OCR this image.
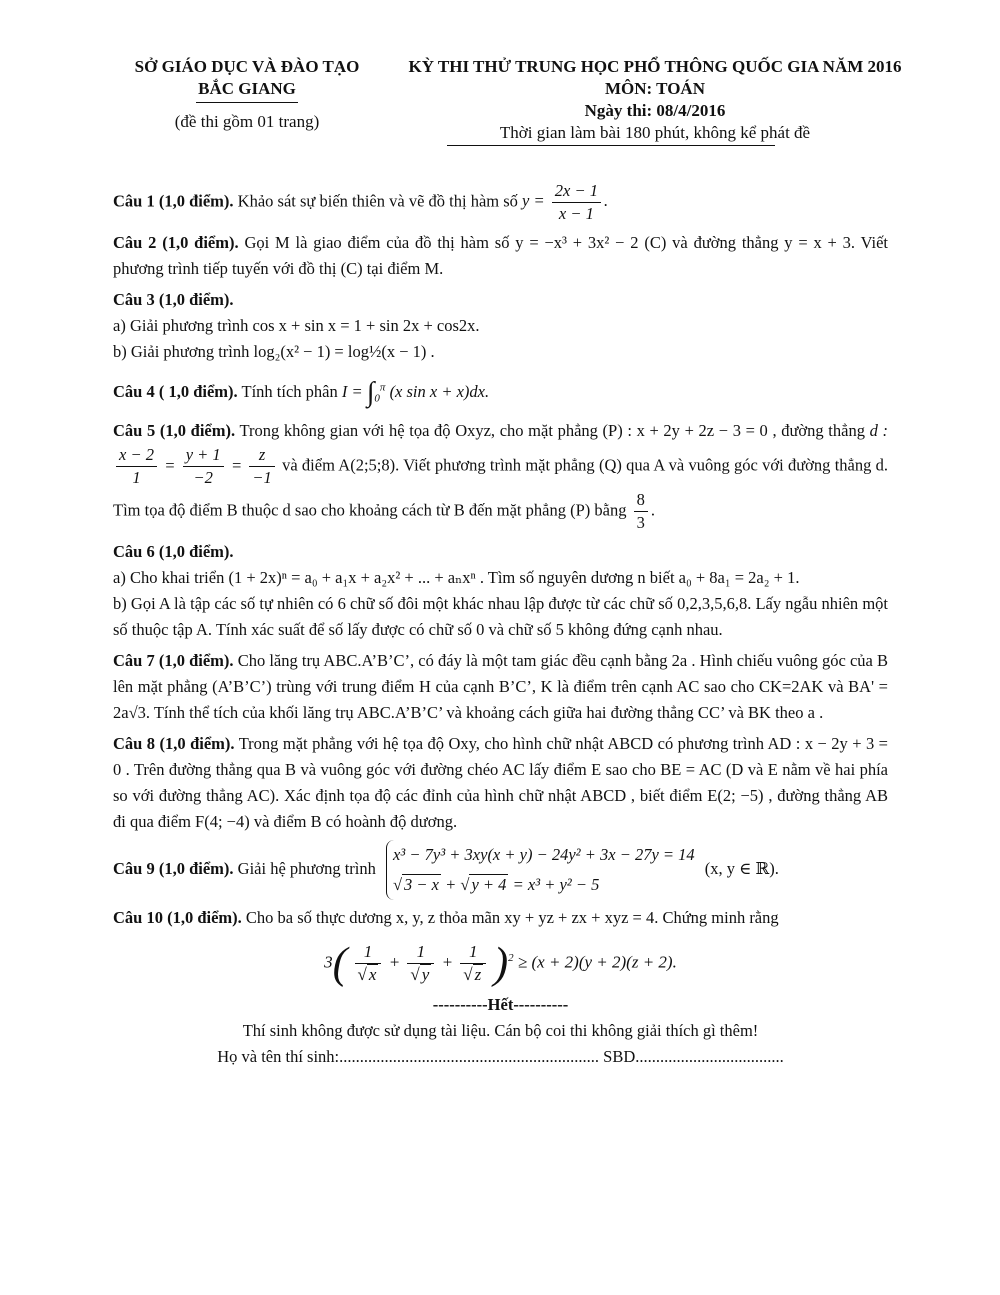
SỞ GIÁO DỤC VÀ ĐÀO TẠO
BẮC GIANG
(đề thi gồm 01 trang)
KỲ THI THỬ TRUNG HỌC PHỔ THÔNG QUỐC GIA NĂM 2016
MÔN: TOÁN
Ngày thi: 08/4/2016
Thời gian làm bài 180 phút, không kể phát đề

Câu 1 (1,0 điểm). Khảo sát sự biến thiên và vẽ đồ thị hàm số $y = \frac{2x - 1}{x - 1}$ .

Câu 2 (1,0 điểm). Gọi M là giao điểm của đồ thị hàm số y = −x³ + 3x² − 2 (C) và đường thẳng y = x + 3. Viết phương trình tiếp tuyến với đồ thị (C) tại điểm M.

Câu 3 (1,0 điểm).
a) Giải phương trình cos x + sin x = 1 + sin 2x + cos2x.
b) Giải phương trình log₂(x² − 1) = log½(x − 1) .

Câu 4 ( 1,0 điểm). Tính tích phân $I = \int_0^\pi$ (x sin x + x)dx.

Câu 5 (1,0 điểm). Trong không gian với hệ tọa độ Oxyz, cho mặt phẳng (P) : x + 2y + 2z − 3 = 0 , đường thẳng d :
$\frac{x - 2}{1} = \frac{y + 1}{-2} = \frac{z}{-1}$ và điểm A(2;5;8). Viết phương trình mặt phẳng (Q) qua A và vuông góc với đường thẳng d. Tìm tọa độ điểm B thuộc d sao cho khoảng cách từ B đến mặt phẳng (P) bằng $\frac{8}{3}$ .

Câu 6 (1,0 điểm).
a) Cho khai triển (1 + 2x)ⁿ = a₀ + a₁x + a₂x² + ... + aₙxⁿ . Tìm số nguyên dương n biết a₀ + 8a₁ = 2a₂ + 1.
b) Gọi A là tập các số tự nhiên có 6 chữ số đôi một khác nhau lập được từ các chữ số 0,2,3,5,6,8. Lấy ngẫu nhiên một số thuộc tập A. Tính xác suất để số lấy được có chữ số 0 và chữ số 5 không đứng cạnh nhau.

Câu 7 (1,0 điểm). Cho lăng trụ ABC.A’B’C’, có đáy là một tam giác đều cạnh bằng 2a . Hình chiếu vuông góc của B lên mặt phẳng (A’B’C’) trùng với trung điểm H của cạnh B’C’, K là điểm trên cạnh AC sao cho CK=2AK và BA' = 2a√3. Tính thể tích của khối lăng trụ ABC.A’B’C’ và khoảng cách giữa hai đường thẳng CC’ và BK theo a .

Câu 8 (1,0 điểm). Trong mặt phẳng với hệ tọa độ Oxy, cho hình chữ nhật ABCD có phương trình AD : x − 2y + 3 = 0 . Trên đường thẳng qua B và vuông góc với đường chéo AC lấy điểm E sao cho BE = AC (D và E nằm về hai phía so với đường thẳng AC). Xác định tọa độ các đỉnh của hình chữ nhật ABCD , biết điểm E(2; −5) , đường thẳng AB đi qua điểm F(4; −4) và điểm B có hoành độ dương.

Câu 9 (1,0 điểm). Giải hệ phương trình x³ − 7y³ + 3xy(x + y) − 24y² + 3x − 27y = 14
√ 3 − x + √ y + 4 = x³ + y² − 5 (x, y ∈ ℝ).

Câu 10 (1,0 điểm). Cho ba số thực dương x, y, z thỏa mãn xy + yz + zx + xyz = 4. Chứng minh rằng

$3( \frac{1}{√ x} + \frac{1}{√ y} + \frac{1}{√ z} )^2 \ge (x + 2)(y + 2)(z + 2)$.
----------Hết----------
Thí sinh không được sử dụng tài liệu. Cán bộ coi thi không giải thích gì thêm!
Họ và tên thí sinh:............................................................... SBD....................................
